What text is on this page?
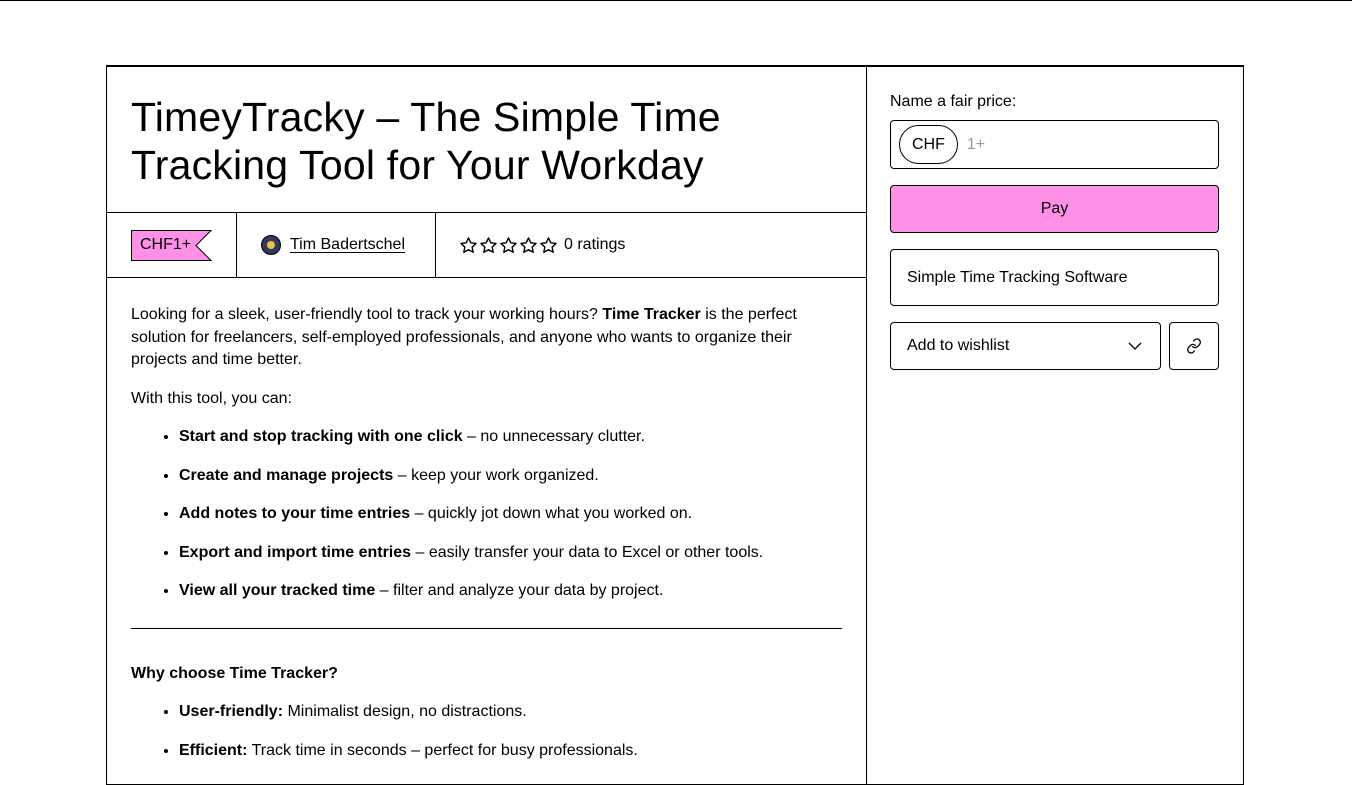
TimeyTracky – The Simple Time Tracking Tool for Your Workday
CHF1+	Tim Badertschel	0 ratings

Looking for a sleek, user-friendly tool to track your working hours? Time Tracker is the perfect solution for freelancers, self-employed professionals, and anyone who wants to organize their projects and time better.

With this tool, you can:

• Start and stop tracking with one click – no unnecessary clutter.
• Create and manage projects – keep your work organized.
• Add notes to your time entries – quickly jot down what you worked on.
• Export and import time entries – easily transfer your data to Excel or other tools.
• View all your tracked time – filter and analyze your data by project.

Why choose Time Tracker?

• User-friendly: Minimalist design, no distractions.
• Efficient: Track time in seconds – perfect for busy professionals.
Name a fair price:
CHF
1+
Pay
Simple Time Tracking Software
Add to wishlist
